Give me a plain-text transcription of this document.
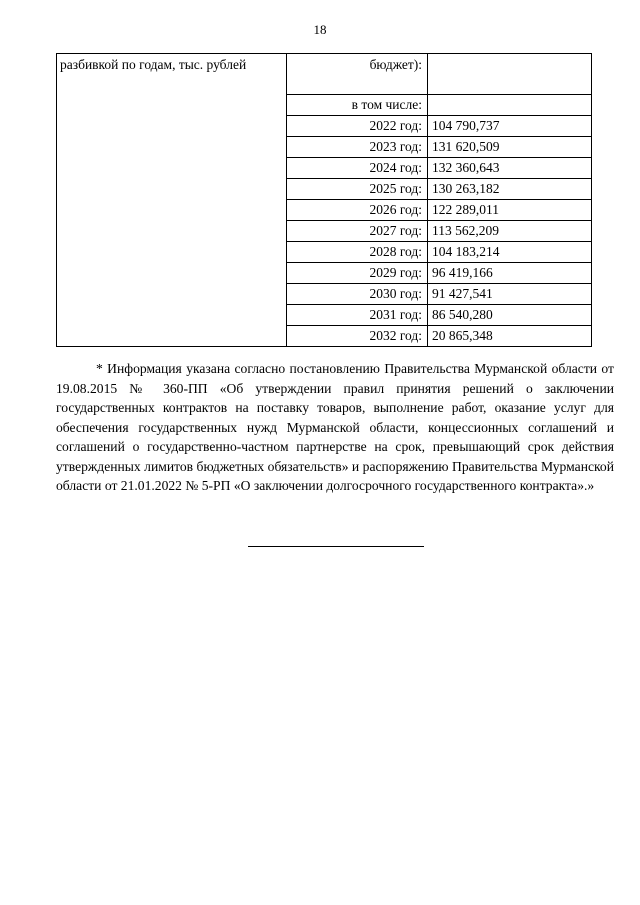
18
разбивкой по годам, тыс. рублей	бюджет):	
	в том числе:	
	2022 год:	104 790,737
	2023 год:	131 620,509
	2024 год:	132 360,643
	2025 год:	130 263,182
	2026 год:	122 289,011
	2027 год:	113 562,209
	2028 год:	104 183,214
	2029 год:	96 419,166
	2030 год:	91 427,541
	2031 год:	86 540,280
	2032 год:	20 865,348
* Информация указана согласно постановлению Правительства Мурманской области от 19.08.2015 № 360-ПП «Об утверждении правил принятия решений о заключении государственных контрактов на поставку товаров, выполнение работ, оказание услуг для обеспечения государственных нужд Мурманской области, концессионных соглашений и соглашений о государственно-частном партнерстве на срок, превышающий срок действия утвержденных лимитов бюджетных обязательств» и распоряжению Правительства Мурманской области от 21.01.2022 № 5-РП «О заключении долгосрочного государственного контракта».»
